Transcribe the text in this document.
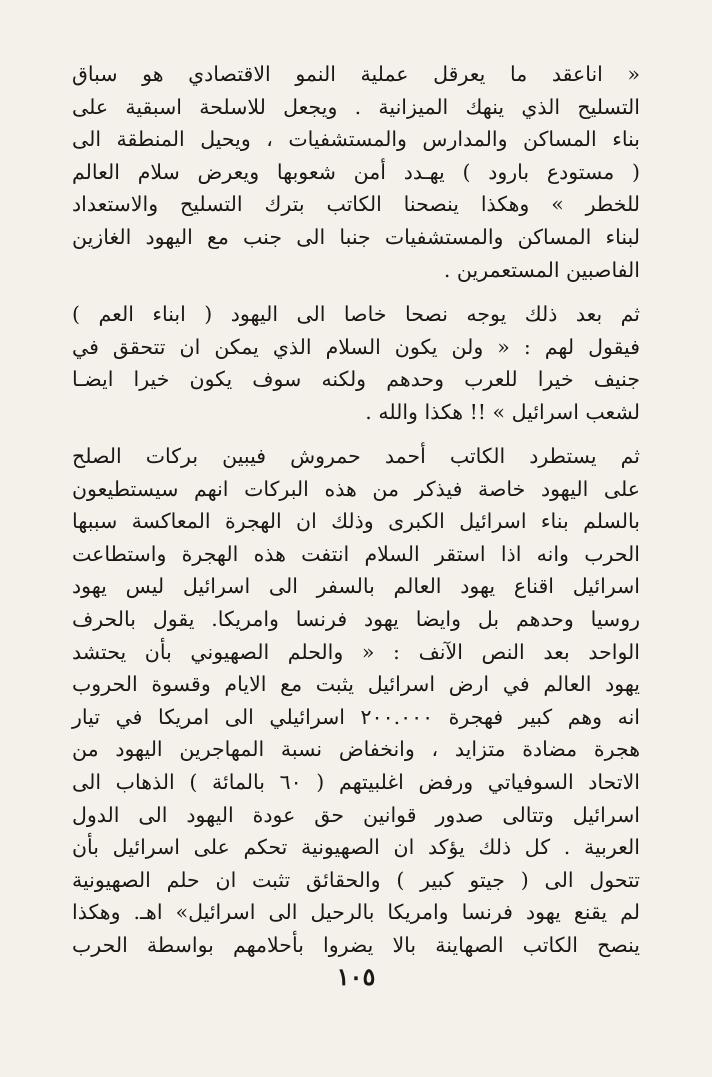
« اناعقد ما يعرقل عملية النمو الاقتصادي هو سباق
التسليح الذي ينهك الميزانية . ويجعل للاسلحة اسبقية على
بناء المساكن والمدارس والمستشفيات ، ويحيل المنطقة الى
( مستودع بارود ) يهـدد أمن شعوبها ويعرض سلام العالم
للخطر » وهكذا ينصحنا الكاتب بترك التسليح والاستعداد
لبناء المساكن والمستشفيات جنبا الى جنب مع اليهود الغازين
الفاصبين المستعمرين .
ثم بعد ذلك يوجه نصحا خاصا الى اليهود ( ابناء العم )
فيقول لهم : « ولن يكون السلام الذي يمكن ان تتحقق في
جنيف خيرا للعرب وحدهم ولكنه سوف يكون خيرا ايضـا
لشعب اسرائيل » !! هكذا والله .
ثم يستطرد الكاتب أحمد حمروش فيبين بركات الصلح
على اليهود خاصة فيذكر من هذه البركات انهم سيستطيعون
بالسلم بناء اسرائيل الكبرى وذلك ان الهجرة المعاكسة سببها
الحرب وانه اذا استقر السلام انتفت هذه الهجرة واستطاعت
اسرائيل اقناع يهود العالم بالسفر الى اسرائيل ليس يهود
روسيا وحدهم بل وايضا يهود فرنسا وامريكا. يقول بالحرف
الواحد بعد النص الآنف : « والحلم الصهيوني بأن يحتشد
يهود العالم في ارض اسرائيل يثبت مع الايام وقسوة الحروب
انه وهم كبير فهجرة ۲۰۰.۰۰۰ اسرائيلي الى امريكا في تيار
هجرة مضادة متزايد ، وانخفاض نسبة المهاجرين اليهود من
الاتحاد السوفياتي ورفض اغلبيتهم ( ٦٠ بالمائة ) الذهاب الى
اسرائيل وتتالى صدور قوانين حق عودة اليهود الى الدول
العربية . كل ذلك يؤكد ان الصهيونية تحكم على اسرائيل بأن
تتحول الى ( جيتو كبير ) والحقائق تثبت ان حلم الصهيونية
لم يقنع يهود فرنسا وامريكا بالرحيل الى اسرائيل» اهـ. وهكذا
ينصح الكاتب الصهاينة بالا يضروا بأحلامهم بواسطة الحرب
١٠٥
